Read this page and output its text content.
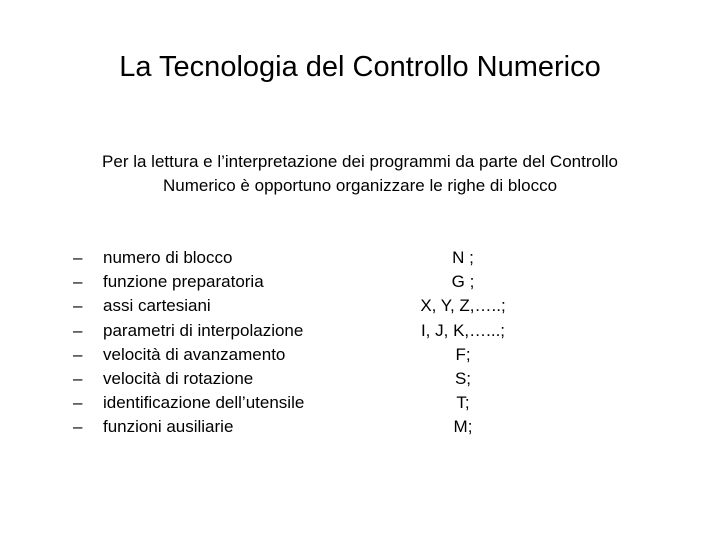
La Tecnologia del Controllo Numerico
Per la lettura e l’interpretazione dei programmi da parte del Controllo
Numerico è opportuno organizzare le righe di blocco
– numero di blocco	N ;
– funzione preparatoria	G ;
– assi cartesiani	X, Y, Z,…..;
– parametri di interpolazione	I, J, K,…...;
– velocità di avanzamento	F;
– velocità di rotazione	S;
– identificazione dell’utensile	T;
– funzioni ausiliarie	M;
